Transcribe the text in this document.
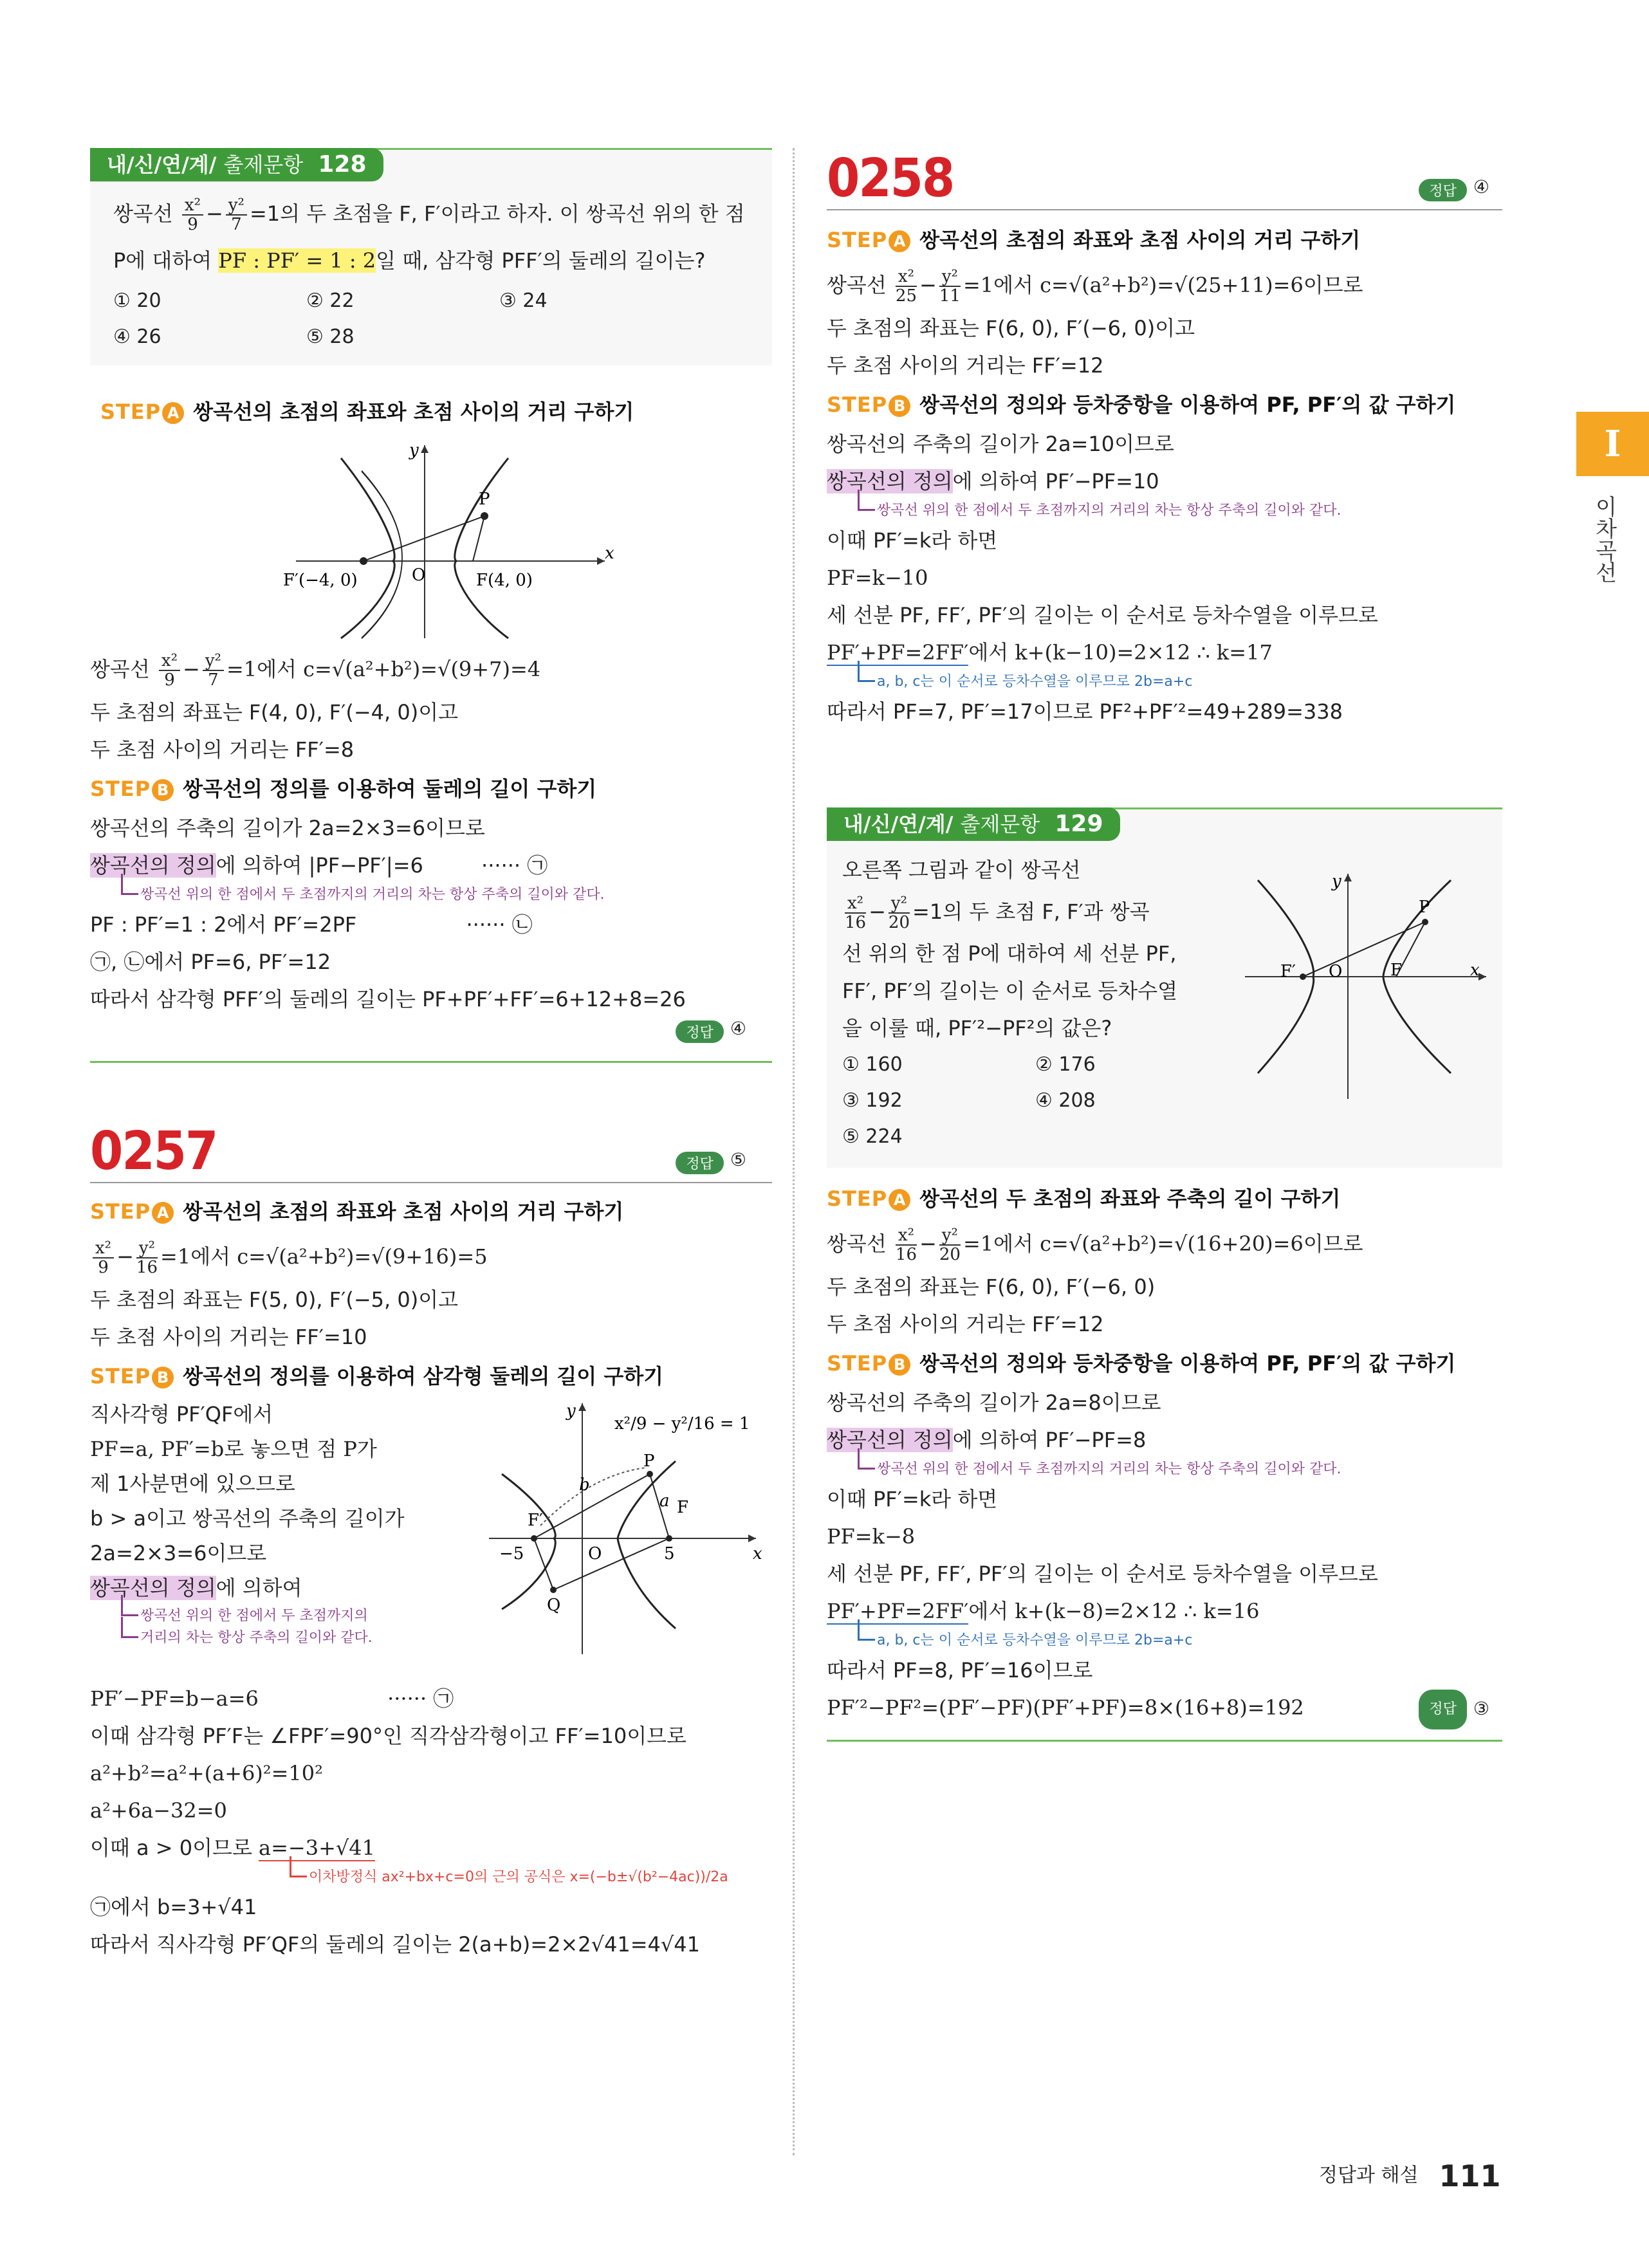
내/신/연/계/ 출제문항 128
쌍곡선 $\frac{\text{x²}}{9} - \frac{\text{y²}}{7} =1$의 두 초점을 F, F′이라고 하자. 이 쌍곡선 위의 한 점
P에 대하여 PF : PF′ = 1 : 2일 때, 삼각형 PFF′의 둘레의 길이는?
① 20	② 22	③ 24
④ 26	⑤ 28
STEP A 쌍곡선의 초점의 좌표와 초점 사이의 거리 구하기
y
x
P
O
F′(−4, 0)	F(4, 0)
쌍곡선 $\frac{\text{x²}}{9} - \frac{\text{y²}}{7} =1$에서 c=√(a²+b²)=√(9+7)=4
두 초점의 좌표는 F(4, 0), F′(−4, 0)이고
두 초점 사이의 거리는 FF′=8
STEP B 쌍곡선의 정의를 이용하여 둘레의 길이 구하기
쌍곡선의 주축의 길이가 2a=2×3=6이므로
쌍곡선의 정의에 의하여 |PF−PF′|=6	······ ㉠
쌍곡선 위의 한 점에서 두 초점까지의 거리의 차는 항상 주축의 길이와 같다.
PF : PF′=1 : 2에서 PF′=2PF	······ ㉡
㉠, ㉡에서 PF=6, PF′=12
따라서 삼각형 PFF′의 둘레의 길이는 PF+PF′+FF′=6+12+8=26
정답 ④
0257	정답 ⑤
STEP A 쌍곡선의 초점의 좌표와 초점 사이의 거리 구하기
$\frac{\text{x²}}{9} - \frac{\text{y²}}{16} =1$에서 c=√(a²+b²)=√(9+16)=5
두 초점의 좌표는 F(5, 0), F′(−5, 0)이고
두 초점 사이의 거리는 FF′=10
STEP B 쌍곡선의 정의를 이용하여 삼각형 둘레의 길이 구하기
직사각형 PF′QF에서
PF=a, PF′=b로 놓으면 점 P가
제 1사분면에 있으므로
b > a이고 쌍곡선의 주축의 길이가
2a=2×3=6이므로
쌍곡선의 정의에 의하여
쌍곡선 위의 한 점에서 두 초점까지의
거리의 차는 항상 주축의 길이와 같다.
x²/9 − y²/16 = 1
y
x
P
Q
O
F′
F
−5	5
a
b
PF′−PF=b−a=6	······ ㉠
이때 삼각형 PF′F는 ∠FPF′=90°인 직각삼각형이고 FF′=10이므로
a²+b²=a²+(a+6)²=10²
a²+6a−32=0
이때 a > 0이므로 a=−3+√41
이차방정식 ax²+bx+c=0의 근의 공식은 x=(−b±√(b²−4ac))/2a
㉠에서 b=3+√41
따라서 직사각형 PF′QF의 둘레의 길이는 2(a+b)=2×2√41=4√41
0258	정답 ④
STEP A 쌍곡선의 초점의 좌표와 초점 사이의 거리 구하기
쌍곡선 $\frac{\text{x²}}{25} - \frac{\text{y²}}{11} =1$에서 c=√(a²+b²)=√(25+11)=6이므로
두 초점의 좌표는 F(6, 0), F′(−6, 0)이고
두 초점 사이의 거리는 FF′=12
STEP B 쌍곡선의 정의와 등차중항을 이용하여 PF, PF′의 값 구하기
쌍곡선의 주축의 길이가 2a=10이므로
쌍곡선의 정의에 의하여 PF′−PF=10
쌍곡선 위의 한 점에서 두 초점까지의 거리의 차는 항상 주축의 길이와 같다.
이때 PF′=k라 하면
PF=k−10
세 선분 PF, FF′, PF′의 길이는 이 순서로 등차수열을 이루므로
PF′+PF=2FF′에서 k+(k−10)=2×12 ∴ k=17
a, b, c는 이 순서로 등차수열을 이루므로 2b=a+c
따라서 PF=7, PF′=17이므로 PF²+PF′²=49+289=338
내/신/연/계/ 출제문항 129
오른쪽 그림과 같이 쌍곡선
$\frac{\text{x²}}{16} - \frac{\text{y²}}{20} =1$의 두 초점 F, F′과 쌍곡
선 위의 한 점 P에 대하여 세 선분 PF,
FF′, PF′의 길이는 이 순서로 등차수열
을 이룰 때, PF′²−PF²의 값은?
① 160	② 176
③ 192	④ 208
⑤ 224
y
x
P
O
F′	F
STEP A 쌍곡선의 두 초점의 좌표와 주축의 길이 구하기
쌍곡선 $\frac{\text{x²}}{16} - \frac{\text{y²}}{20} =1$에서 c=√(a²+b²)=√(16+20)=6이므로
두 초점의 좌표는 F(6, 0), F′(−6, 0)
두 초점 사이의 거리는 FF′=12
STEP B 쌍곡선의 정의와 등차중항을 이용하여 PF, PF′의 값 구하기
쌍곡선의 주축의 길이가 2a=8이므로
쌍곡선의 정의에 의하여 PF′−PF=8
쌍곡선 위의 한 점에서 두 초점까지의 거리의 차는 항상 주축의 길이와 같다.
이때 PF′=k라 하면
PF=k−8
세 선분 PF, FF′, PF′의 길이는 이 순서로 등차수열을 이루므로
PF′+PF=2FF′에서 k+(k−8)=2×12 ∴ k=16
a, b, c는 이 순서로 등차수열을 이루므로 2b=a+c
따라서 PF=8, PF′=16이므로
PF′²−PF²=(PF′−PF)(PF′+PF)=8×(16+8)=192	정답 ③
I
이차곡선
정답과 해설 111
